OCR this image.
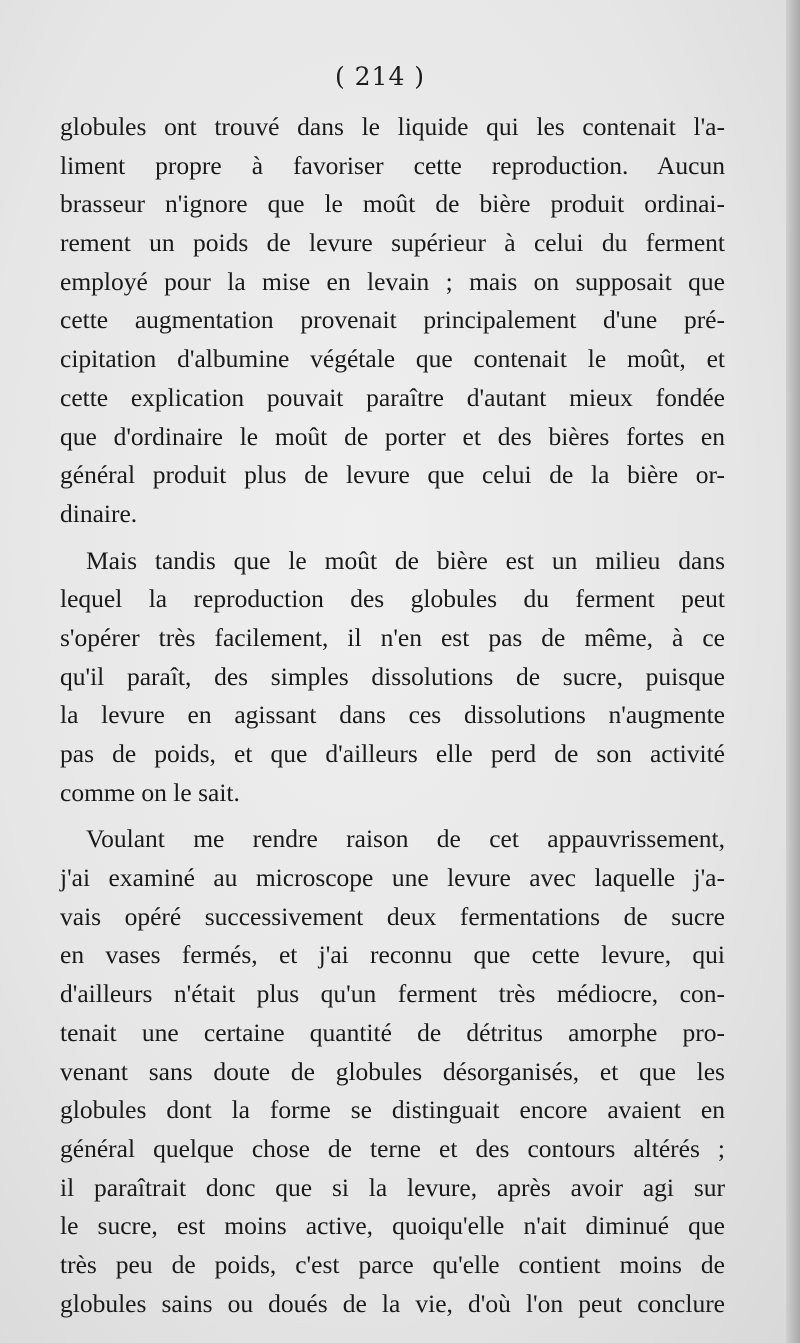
( 214 )
globules ont trouvé dans le liquide qui les contenait l'a-
liment propre à favoriser cette reproduction. Aucun
brasseur n'ignore que le moût de bière produit ordinai-
rement un poids de levure supérieur à celui du ferment
employé pour la mise en levain ; mais on supposait que
cette augmentation provenait principalement d'une pré-
cipitation d'albumine végétale que contenait le moût, et
cette explication pouvait paraître d'autant mieux fondée
que d'ordinaire le moût de porter et des bières fortes en
général produit plus de levure que celui de la bière or-
dinaire.
Mais tandis que le moût de bière est un milieu dans
lequel la reproduction des globules du ferment peut
s'opérer très facilement, il n'en est pas de même, à ce
qu'il paraît, des simples dissolutions de sucre, puisque
la levure en agissant dans ces dissolutions n'augmente
pas de poids, et que d'ailleurs elle perd de son activité
comme on le sait.
Voulant me rendre raison de cet appauvrissement,
j'ai examiné au microscope une levure avec laquelle j'a-
vais opéré successivement deux fermentations de sucre
en vases fermés, et j'ai reconnu que cette levure, qui
d'ailleurs n'était plus qu'un ferment très médiocre, con-
tenait une certaine quantité de détritus amorphe pro-
venant sans doute de globules désorganisés, et que les
globules dont la forme se distinguait encore avaient en
général quelque chose de terne et des contours altérés ;
il paraîtrait donc que si la levure, après avoir agi sur
le sucre, est moins active, quoiqu'elle n'ait diminué que
très peu de poids, c'est parce qu'elle contient moins de
globules sains ou doués de la vie, d'où l'on peut conclure
